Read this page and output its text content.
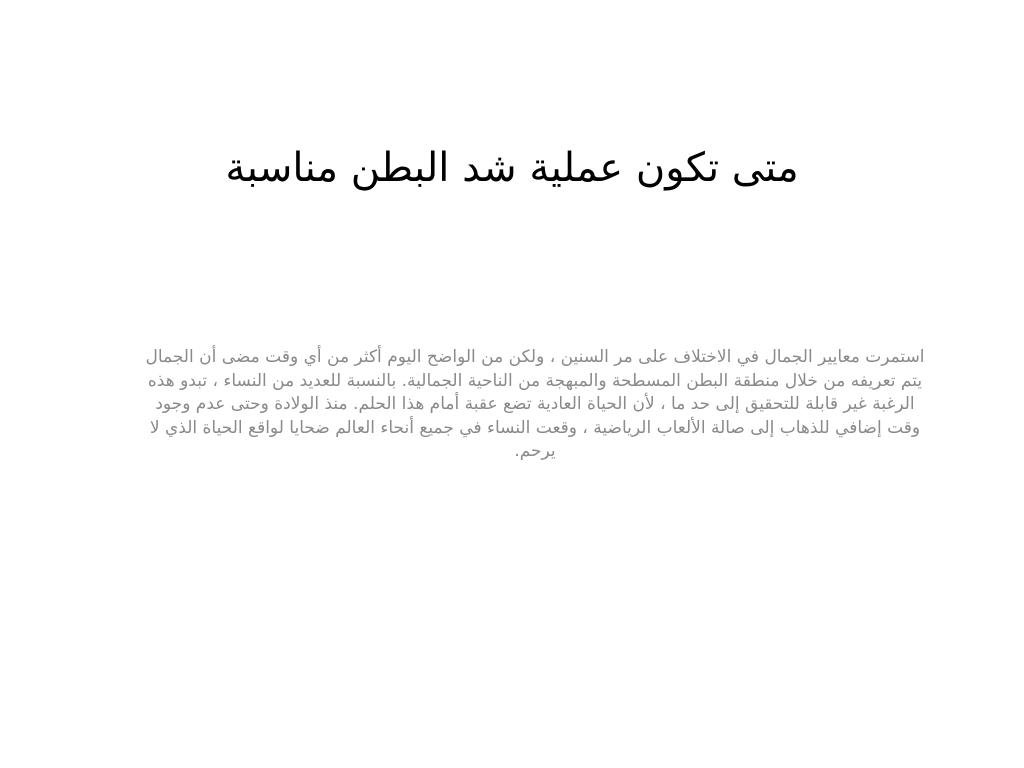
متى تكون عملية شد البطن مناسبة

استمرت معايير الجمال في الاختلاف على مر السنين ، ولكن من الواضح اليوم أكثر من أي وقت مضى أن الجمال يتم تعريفه من خلال منطقة البطن المسطحة والمبهجة من الناحية الجمالية. بالنسبة للعديد من النساء ، تبدو هذه الرغبة غير قابلة للتحقيق إلى حد ما ، لأن الحياة العادية تضع عقبة أمام هذا الحلم. منذ الولادة وحتى عدم وجود وقت إضافي للذهاب إلى صالة الألعاب الرياضية ، وقعت النساء في جميع أنحاء العالم ضحايا لواقع الحياة الذي لا يرحم.
